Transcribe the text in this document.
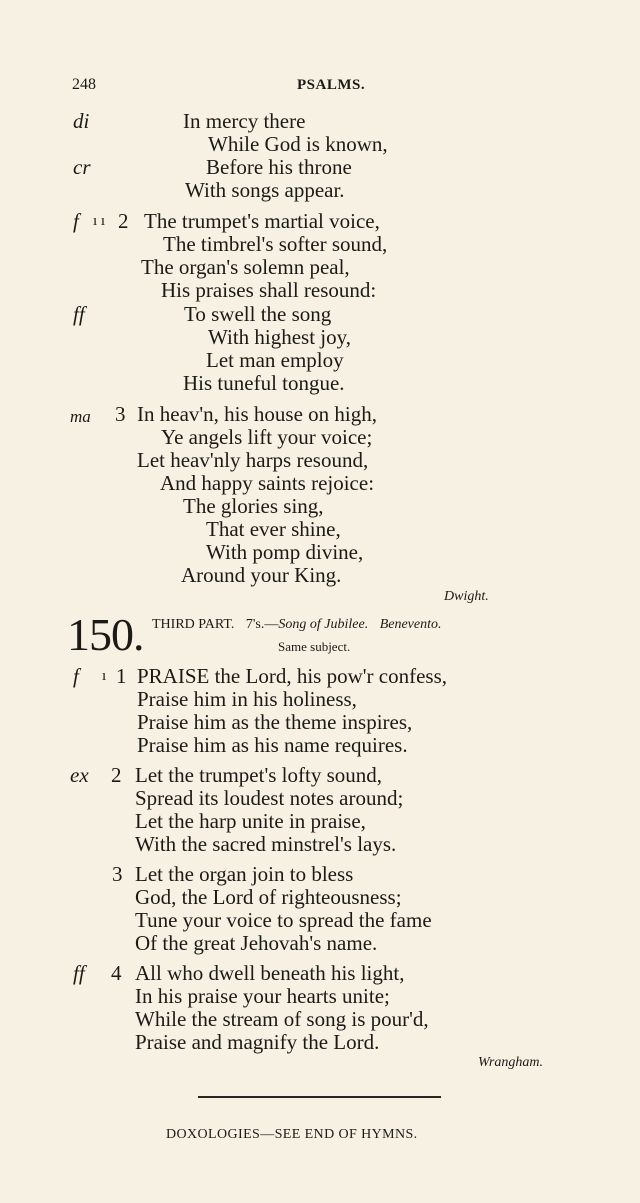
248	PSALMS.
di	In mercy there
While God is known,
cr	Before his throne
With songs appear.
f ı ı 2 The trumpet's martial voice,
The timbrel's softer sound,
The organ's solemn peal,
His praises shall resound:
ff	To swell the song
With highest joy,
Let man employ
His tuneful tongue.
ma 3 In heav'n, his house on high,
Ye angels lift your voice;
Let heav'nly harps resound,
And happy saints rejoice:
The glories sing,
That ever shine,
With pomp divine,
Around your King.
Dwight.
150. THIRD PART. 7's.—Song of Jubilee. Benevento.
Same subject.
f ı 1 PRAISE the Lord, his pow'r confess,
Praise him in his holiness,
Praise him as the theme inspires,
Praise him as his name requires.
ex 2 Let the trumpet's lofty sound,
Spread its loudest notes around;
Let the harp unite in praise,
With the sacred minstrel's lays.
3 Let the organ join to bless
God, the Lord of righteousness;
Tune your voice to spread the fame
Of the great Jehovah's name.
ff 4 All who dwell beneath his light,
In his praise your hearts unite;
While the stream of song is pour'd,
Praise and magnify the Lord.
Wrangham.
DOXOLOGIES—SEE END OF HYMNS.
